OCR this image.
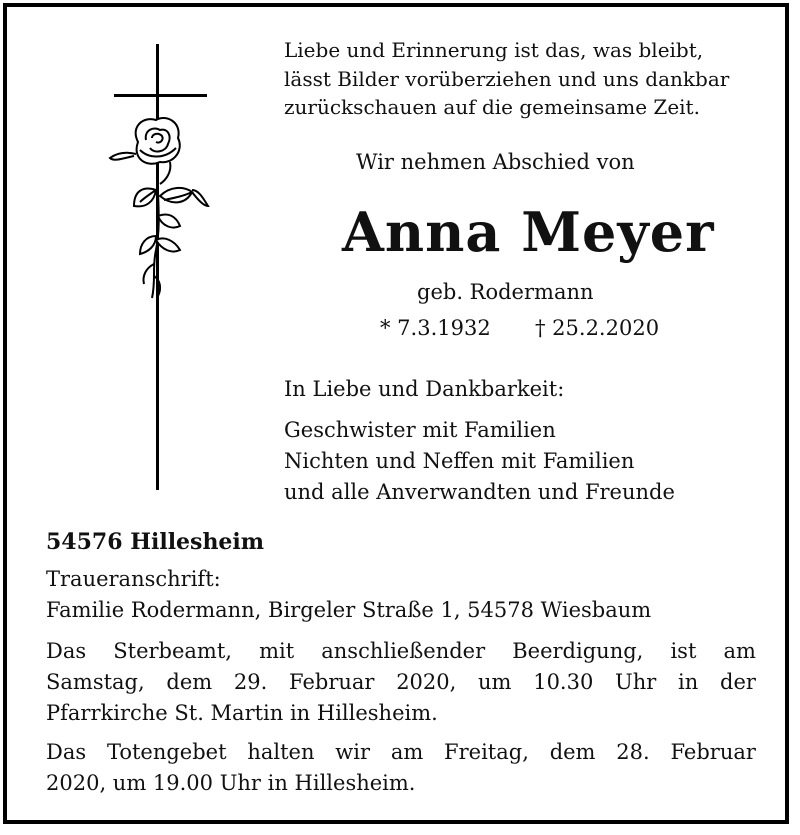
Liebe und Erinnerung ist das, was bleibt,
lässt Bilder vorüberziehen und uns dankbar
zurückschauen auf die gemeinsame Zeit.
Wir nehmen Abschied von
Anna Meyer
geb. Rodermann
* 7.3.1932 † 25.2.2020
In Liebe und Dankbarkeit:
Geschwister mit Familien
Nichten und Neffen mit Familien
und alle Anverwandten und Freunde
54576 Hillesheim
Traueranschrift:
Familie Rodermann, Birgeler Straße 1, 54578 Wiesbaum
Das Sterbeamt, mit anschließender Beerdigung, ist am
Samstag, dem 29. Februar 2020, um 10.30 Uhr in der
Pfarrkirche St. Martin in Hillesheim.
Das Totengebet halten wir am Freitag, dem 28. Februar
2020, um 19.00 Uhr in Hillesheim.
